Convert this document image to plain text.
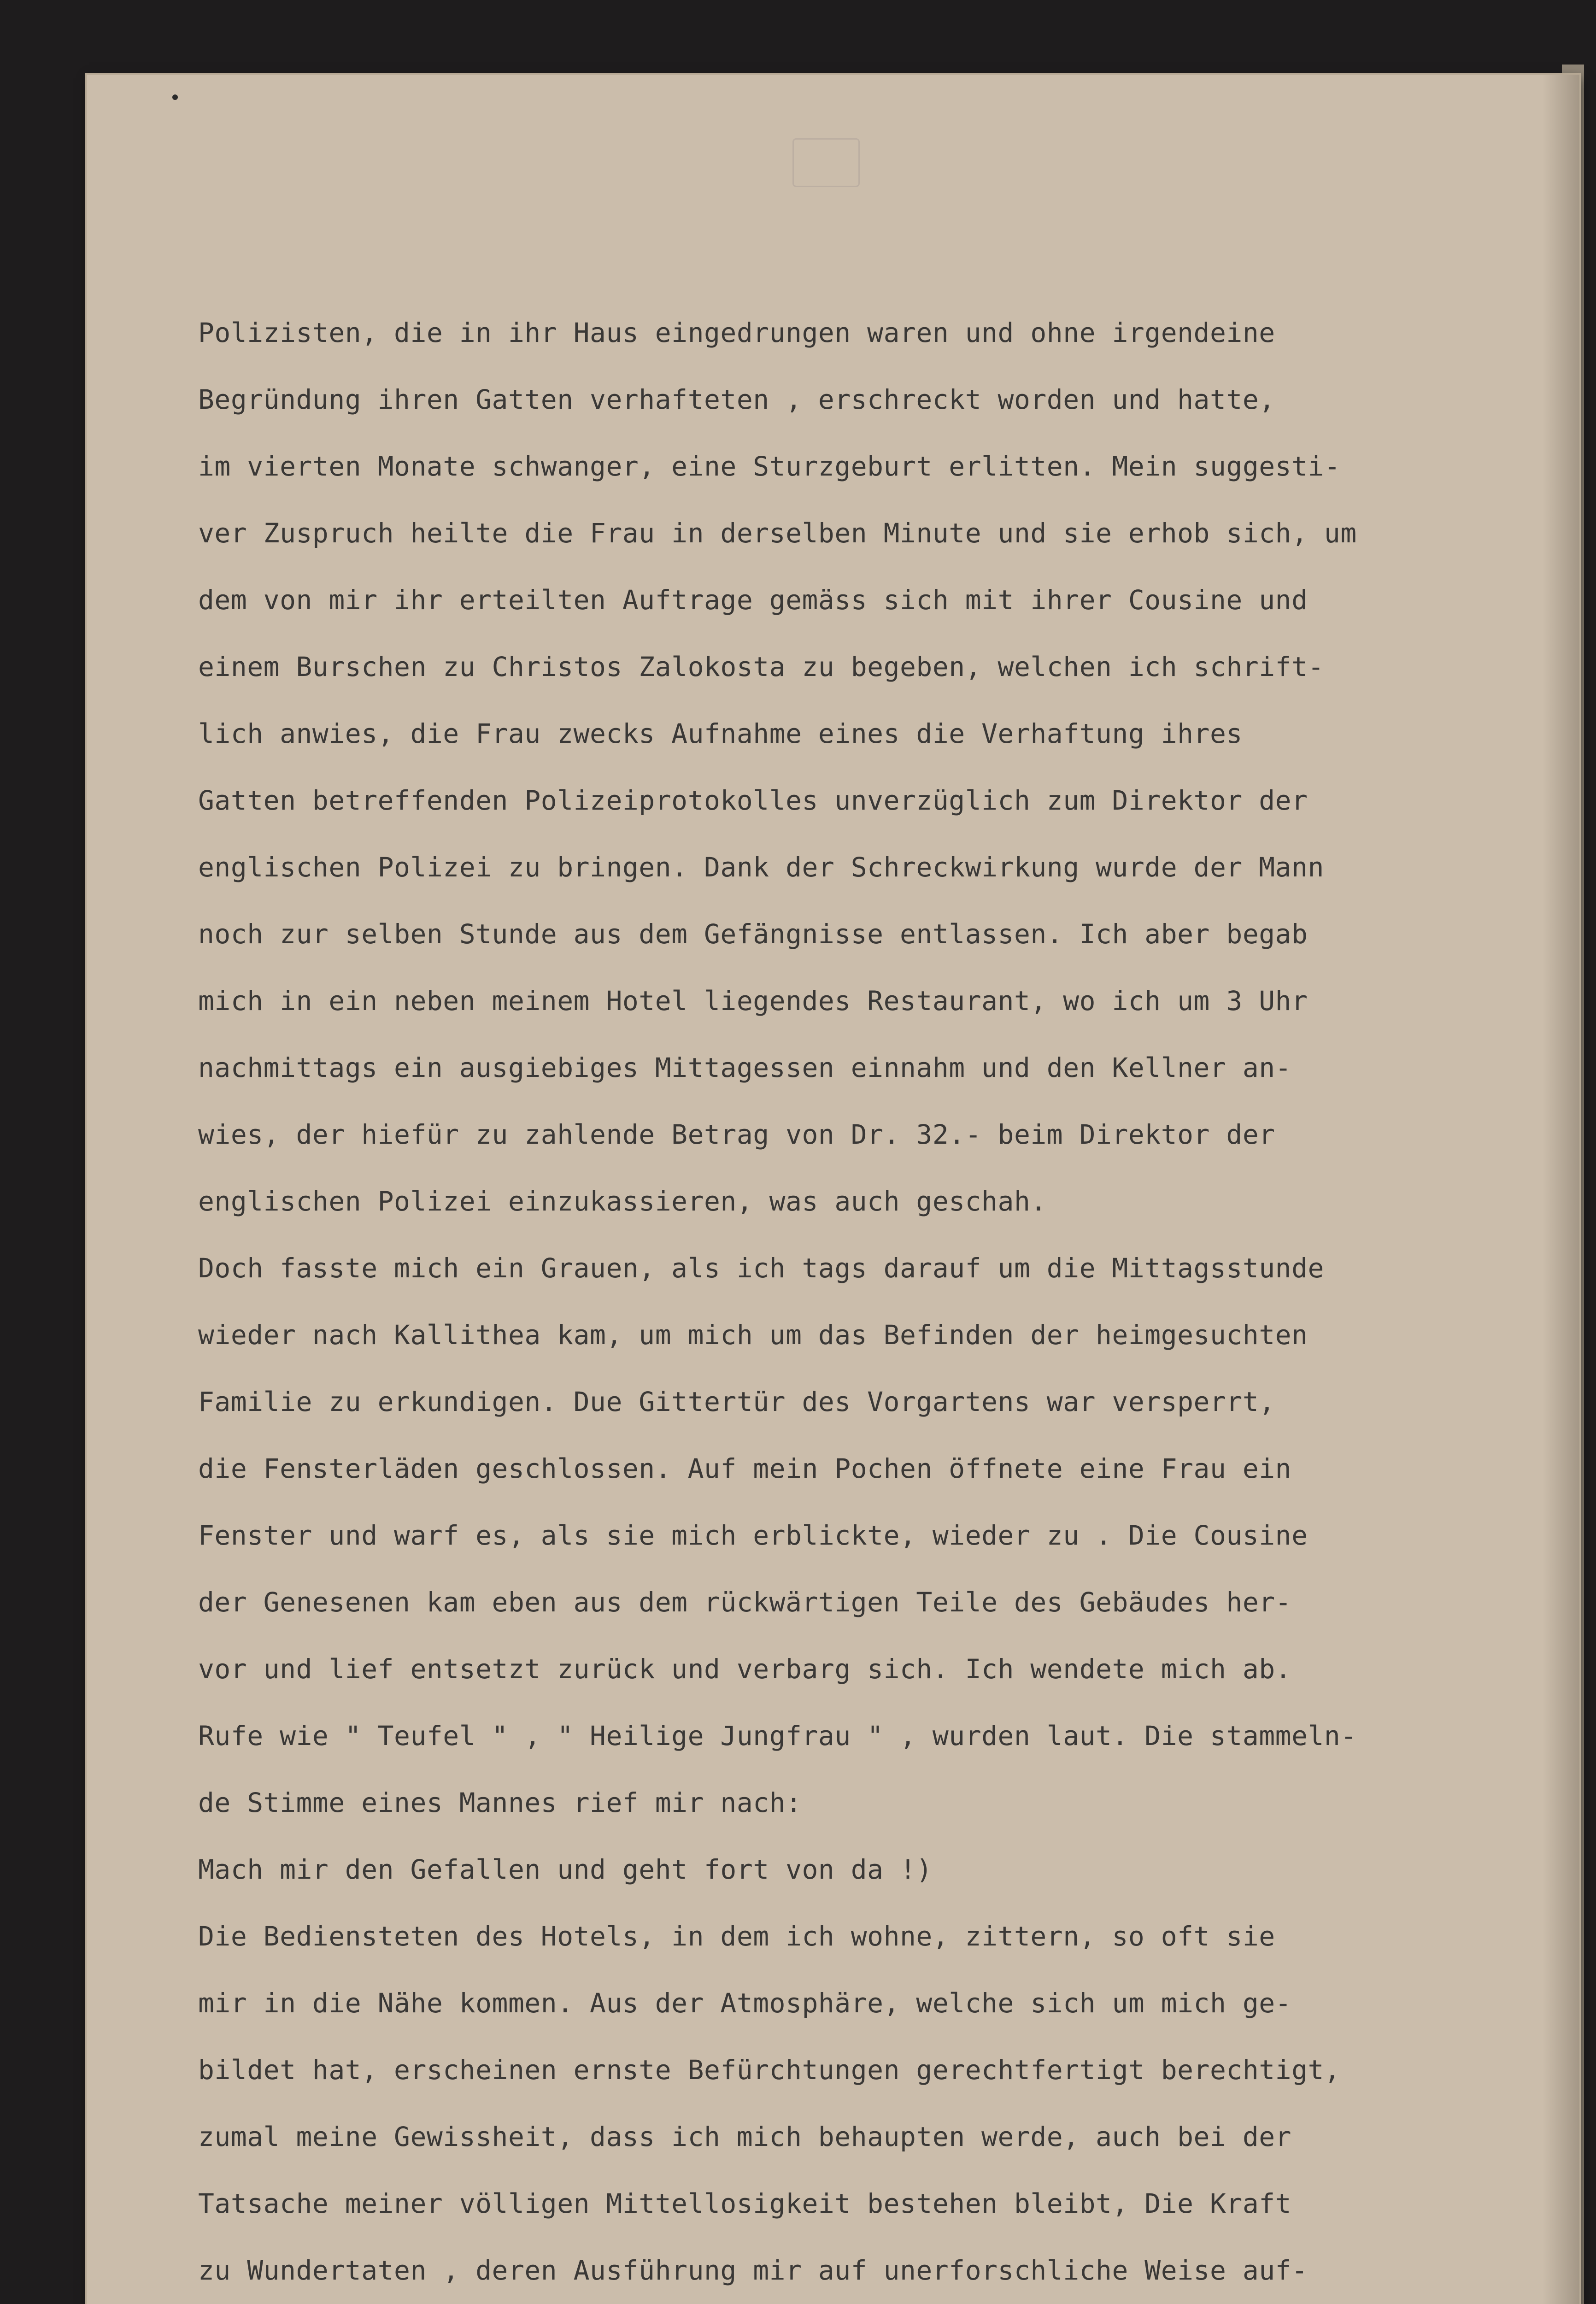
Polizisten, die in ihr Haus eingedrungen waren und ohne irgendeine
Begründung ihren Gatten verhafteten , erschreckt worden und hatte,
im vierten Monate schwanger, eine Sturzgeburt erlitten. Mein suggesti-
ver Zuspruch heilte die Frau in derselben Minute und sie erhob sich, um
dem von mir ihr erteilten Auftrage gemäss sich mit ihrer Cousine und
einem Burschen zu Christos Zalokosta zu begeben, welchen ich schrift-
lich anwies, die Frau zwecks Aufnahme eines die Verhaftung ihres
Gatten betreffenden Polizeiprotokolles unverzüglich zum Direktor der
englischen Polizei zu bringen. Dank der Schreckwirkung wurde der Mann
noch zur selben Stunde aus dem Gefängnisse entlassen. Ich aber begab
mich in ein neben meinem Hotel liegendes Restaurant, wo ich um 3 Uhr
nachmittags ein ausgiebiges Mittagessen einnahm und den Kellner an-
wies, der hiefür zu zahlende Betrag von Dr. 32.- beim Direktor der
englischen Polizei einzukassieren, was auch geschah.
Doch fasste mich ein Grauen, als ich tags darauf um die Mittagsstunde
wieder nach Kallithea kam, um mich um das Befinden der heimgesuchten
Familie zu erkundigen. Due Gittertür des Vorgartens war versperrt,
die Fensterläden geschlossen. Auf mein Pochen öffnete eine Frau ein
Fenster und warf es, als sie mich erblickte, wieder zu . Die Cousine
der Genesenen kam eben aus dem rückwärtigen Teile des Gebäudes her-
vor und lief entsetzt zurück und verbarg sich. Ich wendete mich ab.
Rufe wie " Teufel " , " Heilige Jungfrau " , wurden laut. Die stammeln-
de Stimme eines Mannes rief mir nach:
Mach mir den Gefallen und geht fort von da !)
Die Bediensteten des Hotels, in dem ich wohne, zittern, so oft sie
mir in die Nähe kommen. Aus der Atmosphäre, welche sich um mich ge-
bildet hat, erscheinen ernste Befürchtungen gerechtfertigt berechtigt,
zumal meine Gewissheit, dass ich mich behaupten werde, auch bei der
Tatsache meiner völligen Mittellosigkeit bestehen bleibt, Die Kraft
zu Wundertaten , deren Ausführung mir auf unerforschliche Weise auf-
